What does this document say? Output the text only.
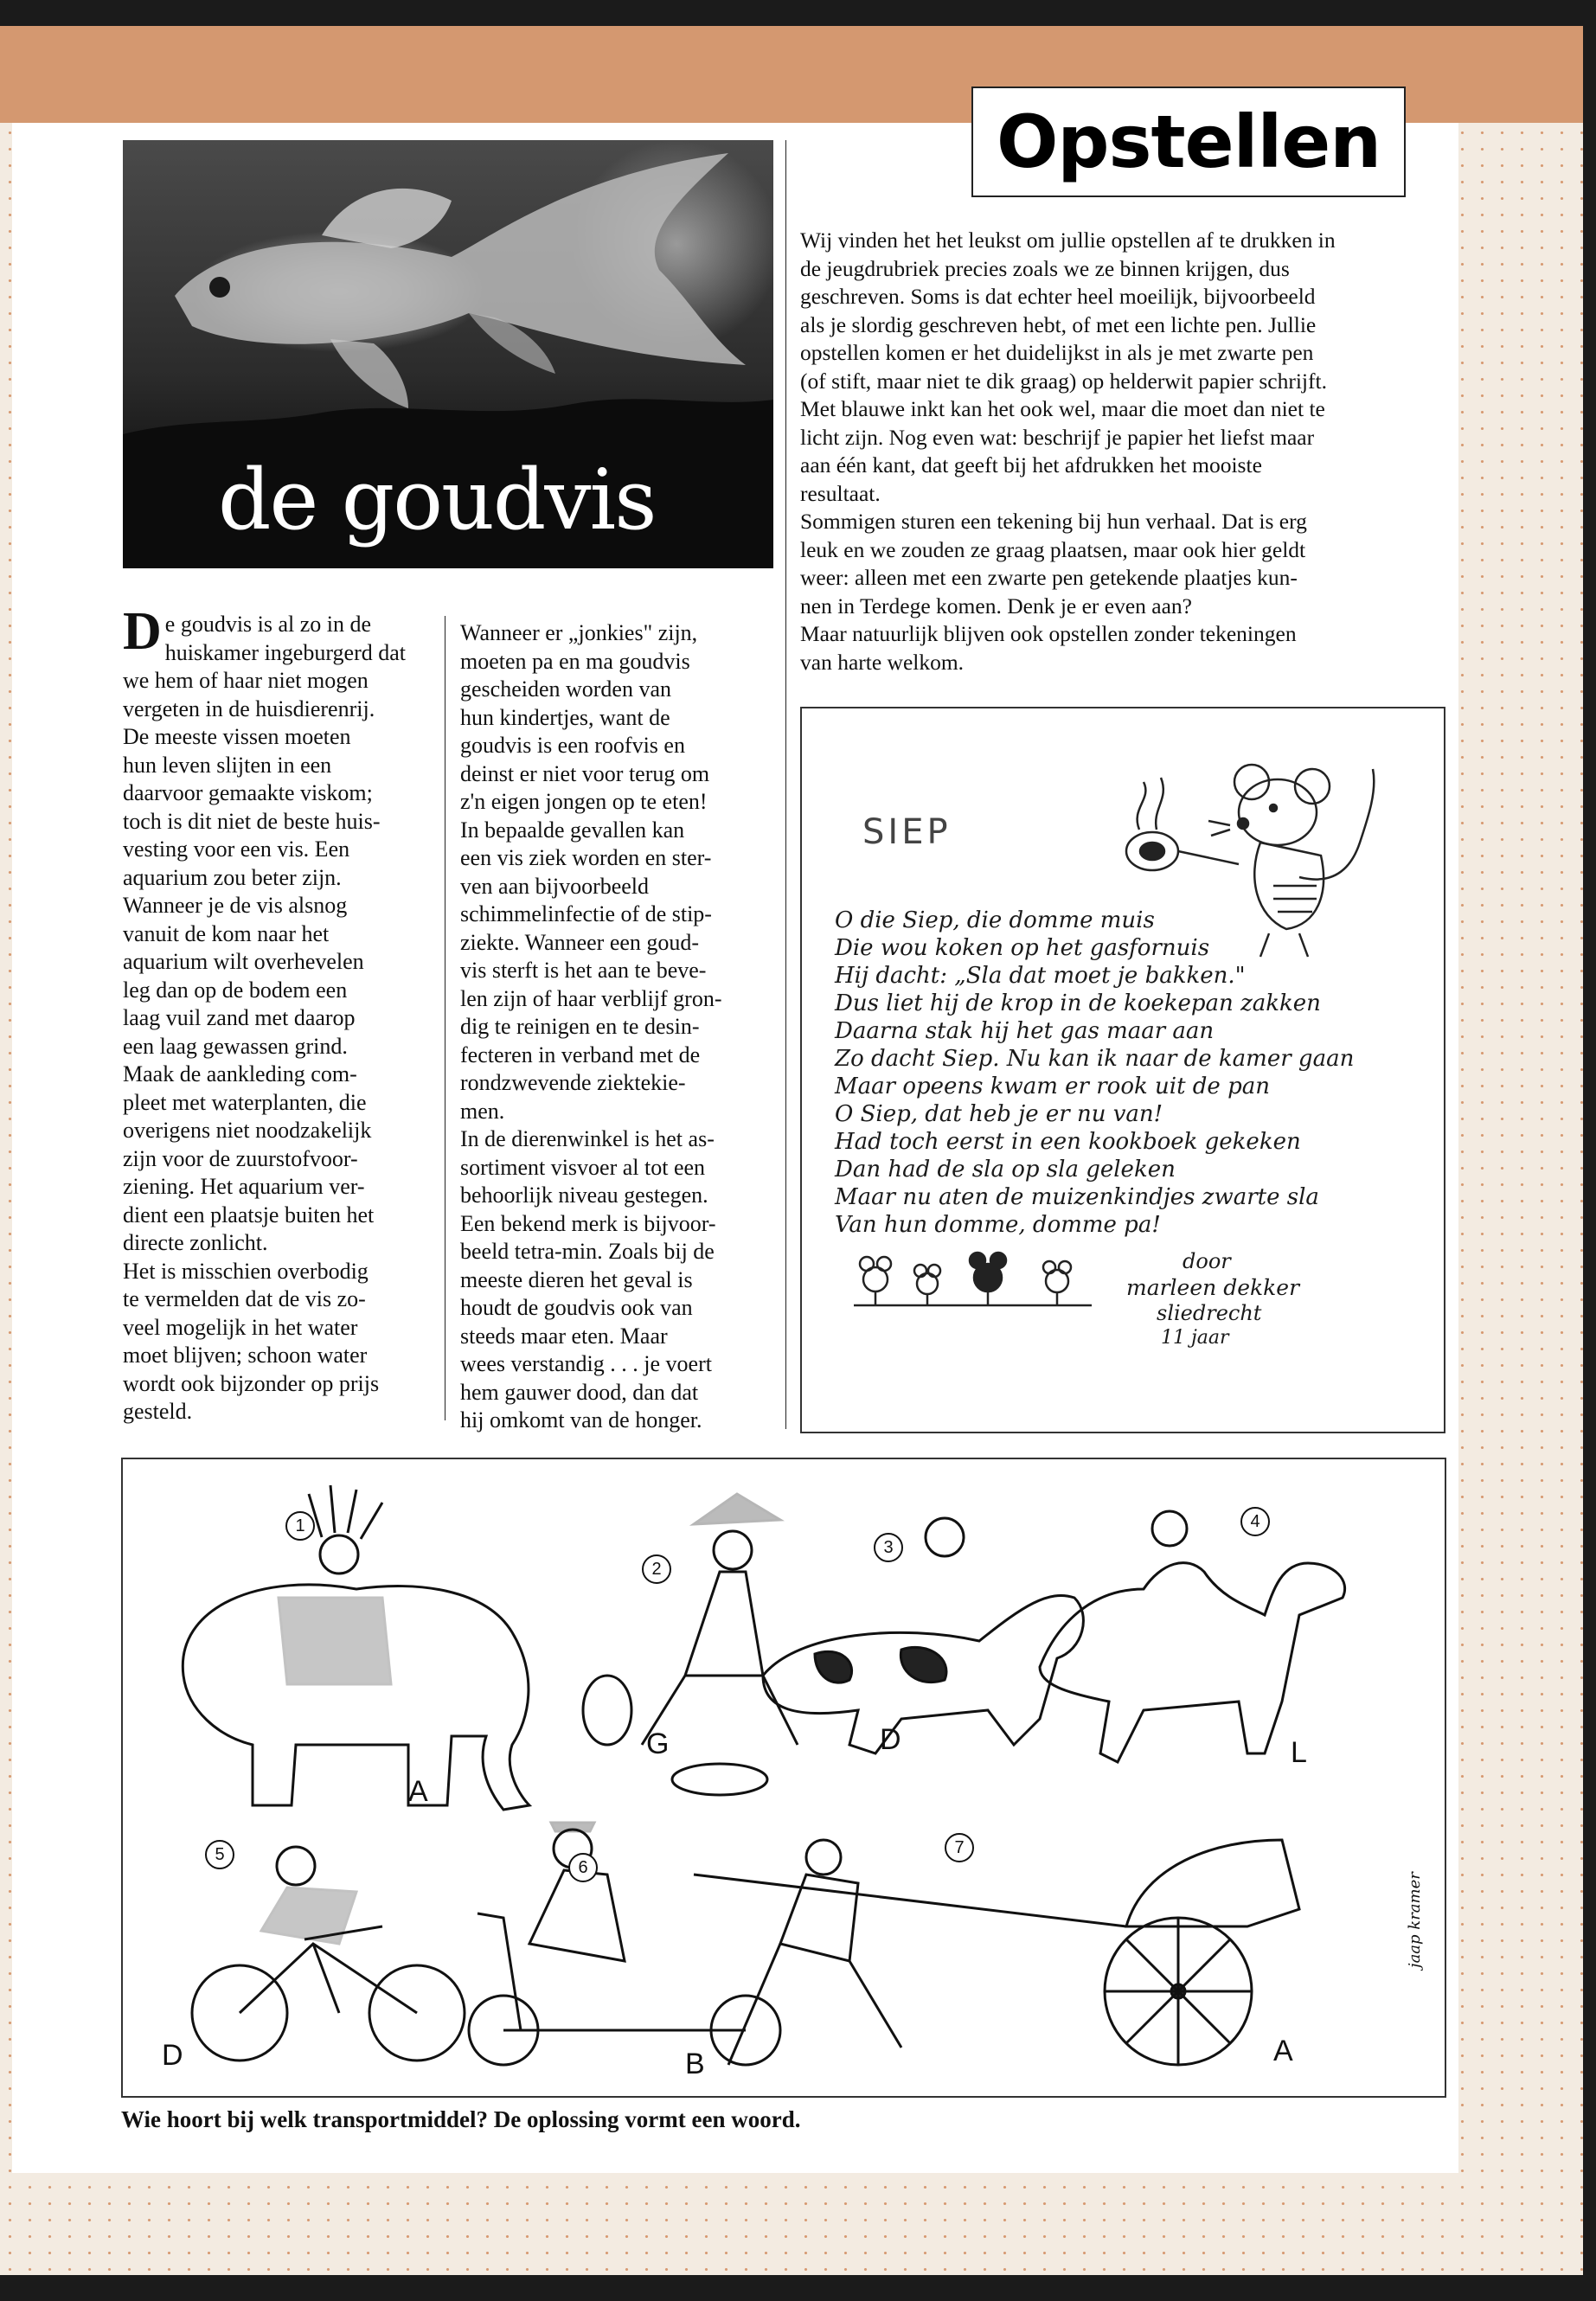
de goudvis
De goudvis is al zo in de
huiskamer ingeburgerd dat
we hem of haar niet mogen
vergeten in de huisdierenrij.
De meeste vissen moeten
hun leven slijten in een
daarvoor gemaakte viskom;
toch is dit niet de beste huis-
vesting voor een vis. Een
aquarium zou beter zijn.
Wanneer je de vis alsnog
vanuit de kom naar het
aquarium wilt overhevelen
leg dan op de bodem een
laag vuil zand met daarop
een laag gewassen grind.
Maak de aankleding com-
pleet met waterplanten, die
overigens niet noodzakelijk
zijn voor de zuurstofvoor-
ziening. Het aquarium ver-
dient een plaatsje buiten het
directe zonlicht.
Het is misschien overbodig
te vermelden dat de vis zo-
veel mogelijk in het water
moet blijven; schoon water
wordt ook bijzonder op prijs
gesteld.
Wanneer er „jonkies" zijn,
moeten pa en ma goudvis
gescheiden worden van
hun kindertjes, want de
goudvis is een roofvis en
deinst er niet voor terug om
z'n eigen jongen op te eten!
In bepaalde gevallen kan
een vis ziek worden en ster-
ven aan bijvoorbeeld
schimmelinfectie of de stip-
ziekte. Wanneer een goud-
vis sterft is het aan te beve-
len zijn of haar verblijf gron-
dig te reinigen en te desin-
fecteren in verband met de
rondzwevende ziektekie-
men.
In de dierenwinkel is het as-
sortiment visvoer al tot een
behoorlijk niveau gestegen.
Een bekend merk is bijvoor-
beeld tetra-min. Zoals bij de
meeste dieren het geval is
houdt de goudvis ook van
steeds maar eten. Maar
wees verstandig . . . je voert
hem gauwer dood, dan dat
hij omkomt van de honger.
Opstellen
Wij vinden het het leukst om jullie opstellen af te drukken in
de jeugdrubriek precies zoals we ze binnen krijgen, dus
geschreven. Soms is dat echter heel moeilijk, bijvoorbeeld
als je slordig geschreven hebt, of met een lichte pen. Jullie
opstellen komen er het duidelijkst in als je met zwarte pen
(of stift, maar niet te dik graag) op helderwit papier schrijft.
Met blauwe inkt kan het ook wel, maar die moet dan niet te
licht zijn. Nog even wat: beschrijf je papier het liefst maar
aan één kant, dat geeft bij het afdrukken het mooiste
resultaat.
Sommigen sturen een tekening bij hun verhaal. Dat is erg
leuk en we zouden ze graag plaatsen, maar ook hier geldt
weer: alleen met een zwarte pen getekende plaatjes kun-
nen in Terdege komen. Denk je er even aan?
Maar natuurlijk blijven ook opstellen zonder tekeningen
van harte welkom.
SIEP
O die Siep, die domme muis
Die wou koken op het gasfornuis
Hij dacht: „Sla dat moet je bakken."
Dus liet hij de krop in de koekepan zakken
Daarna stak hij het gas maar aan
Zo dacht Siep. Nu kan ik naar de kamer gaan
Maar opeens kwam er rook uit de pan
O Siep, dat heb je er nu van!
Had toch eerst in een kookboek gekeken
Dan had de sla op sla geleken
Maar nu aten de muizenkindjes zwarte sla
Van hun domme, domme pa!
door
marleen dekker
sliedrecht
11 jaar
1
2
3
4
5
6
7
A
G	D	L
D	B	A
jaap kramer
Wie hoort bij welk transportmiddel? De oplossing vormt een woord.
